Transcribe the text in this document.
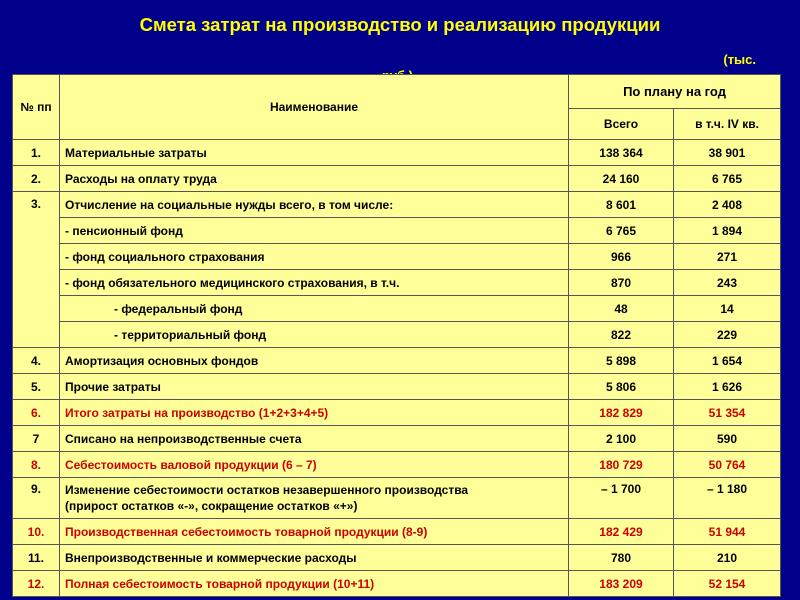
Смета затрат на производство и реализацию продукции
(тыс.
№ пп	Наименование	По плану на год	
		Всего	в т.ч. IV кв.
1.	Материальные затраты	138 364	38 901
2.	Расходы на оплату труда	24 160	6 765
3.	Отчисление на социальные нужды всего, в том числе:	8 601	2 408
	- пенсионный фонд	6 765	1 894
	- фонд социального страхования	966	271
	- фонд обязательного медицинского страхования, в т.ч.	870	243
	- федеральный фонд	48	14
	- территориальный фонд	822	229
4.	Амортизация основных фондов	5 898	1 654
5.	Прочие затраты	5 806	1 626
6.	Итого затраты на производство (1+2+3+4+5)	182 829	51 354
7	Списано на непроизводственные счета	2 100	590
8.	Себестоимость валовой продукции (6 – 7)	180 729	50 764
9.	Изменение себестоимости остатков незавершенного производства
(прирост остатков «-», сокращение остатков «+»)	– 1 700	– 1 180
10.	Производственная себестоимость товарной продукции (8-9)	182 429	51 944
11.	Внепроизводственные и коммерческие расходы	780	210
12.	Полная себестоимость товарной продукции (10+11)	183 209	52 154
